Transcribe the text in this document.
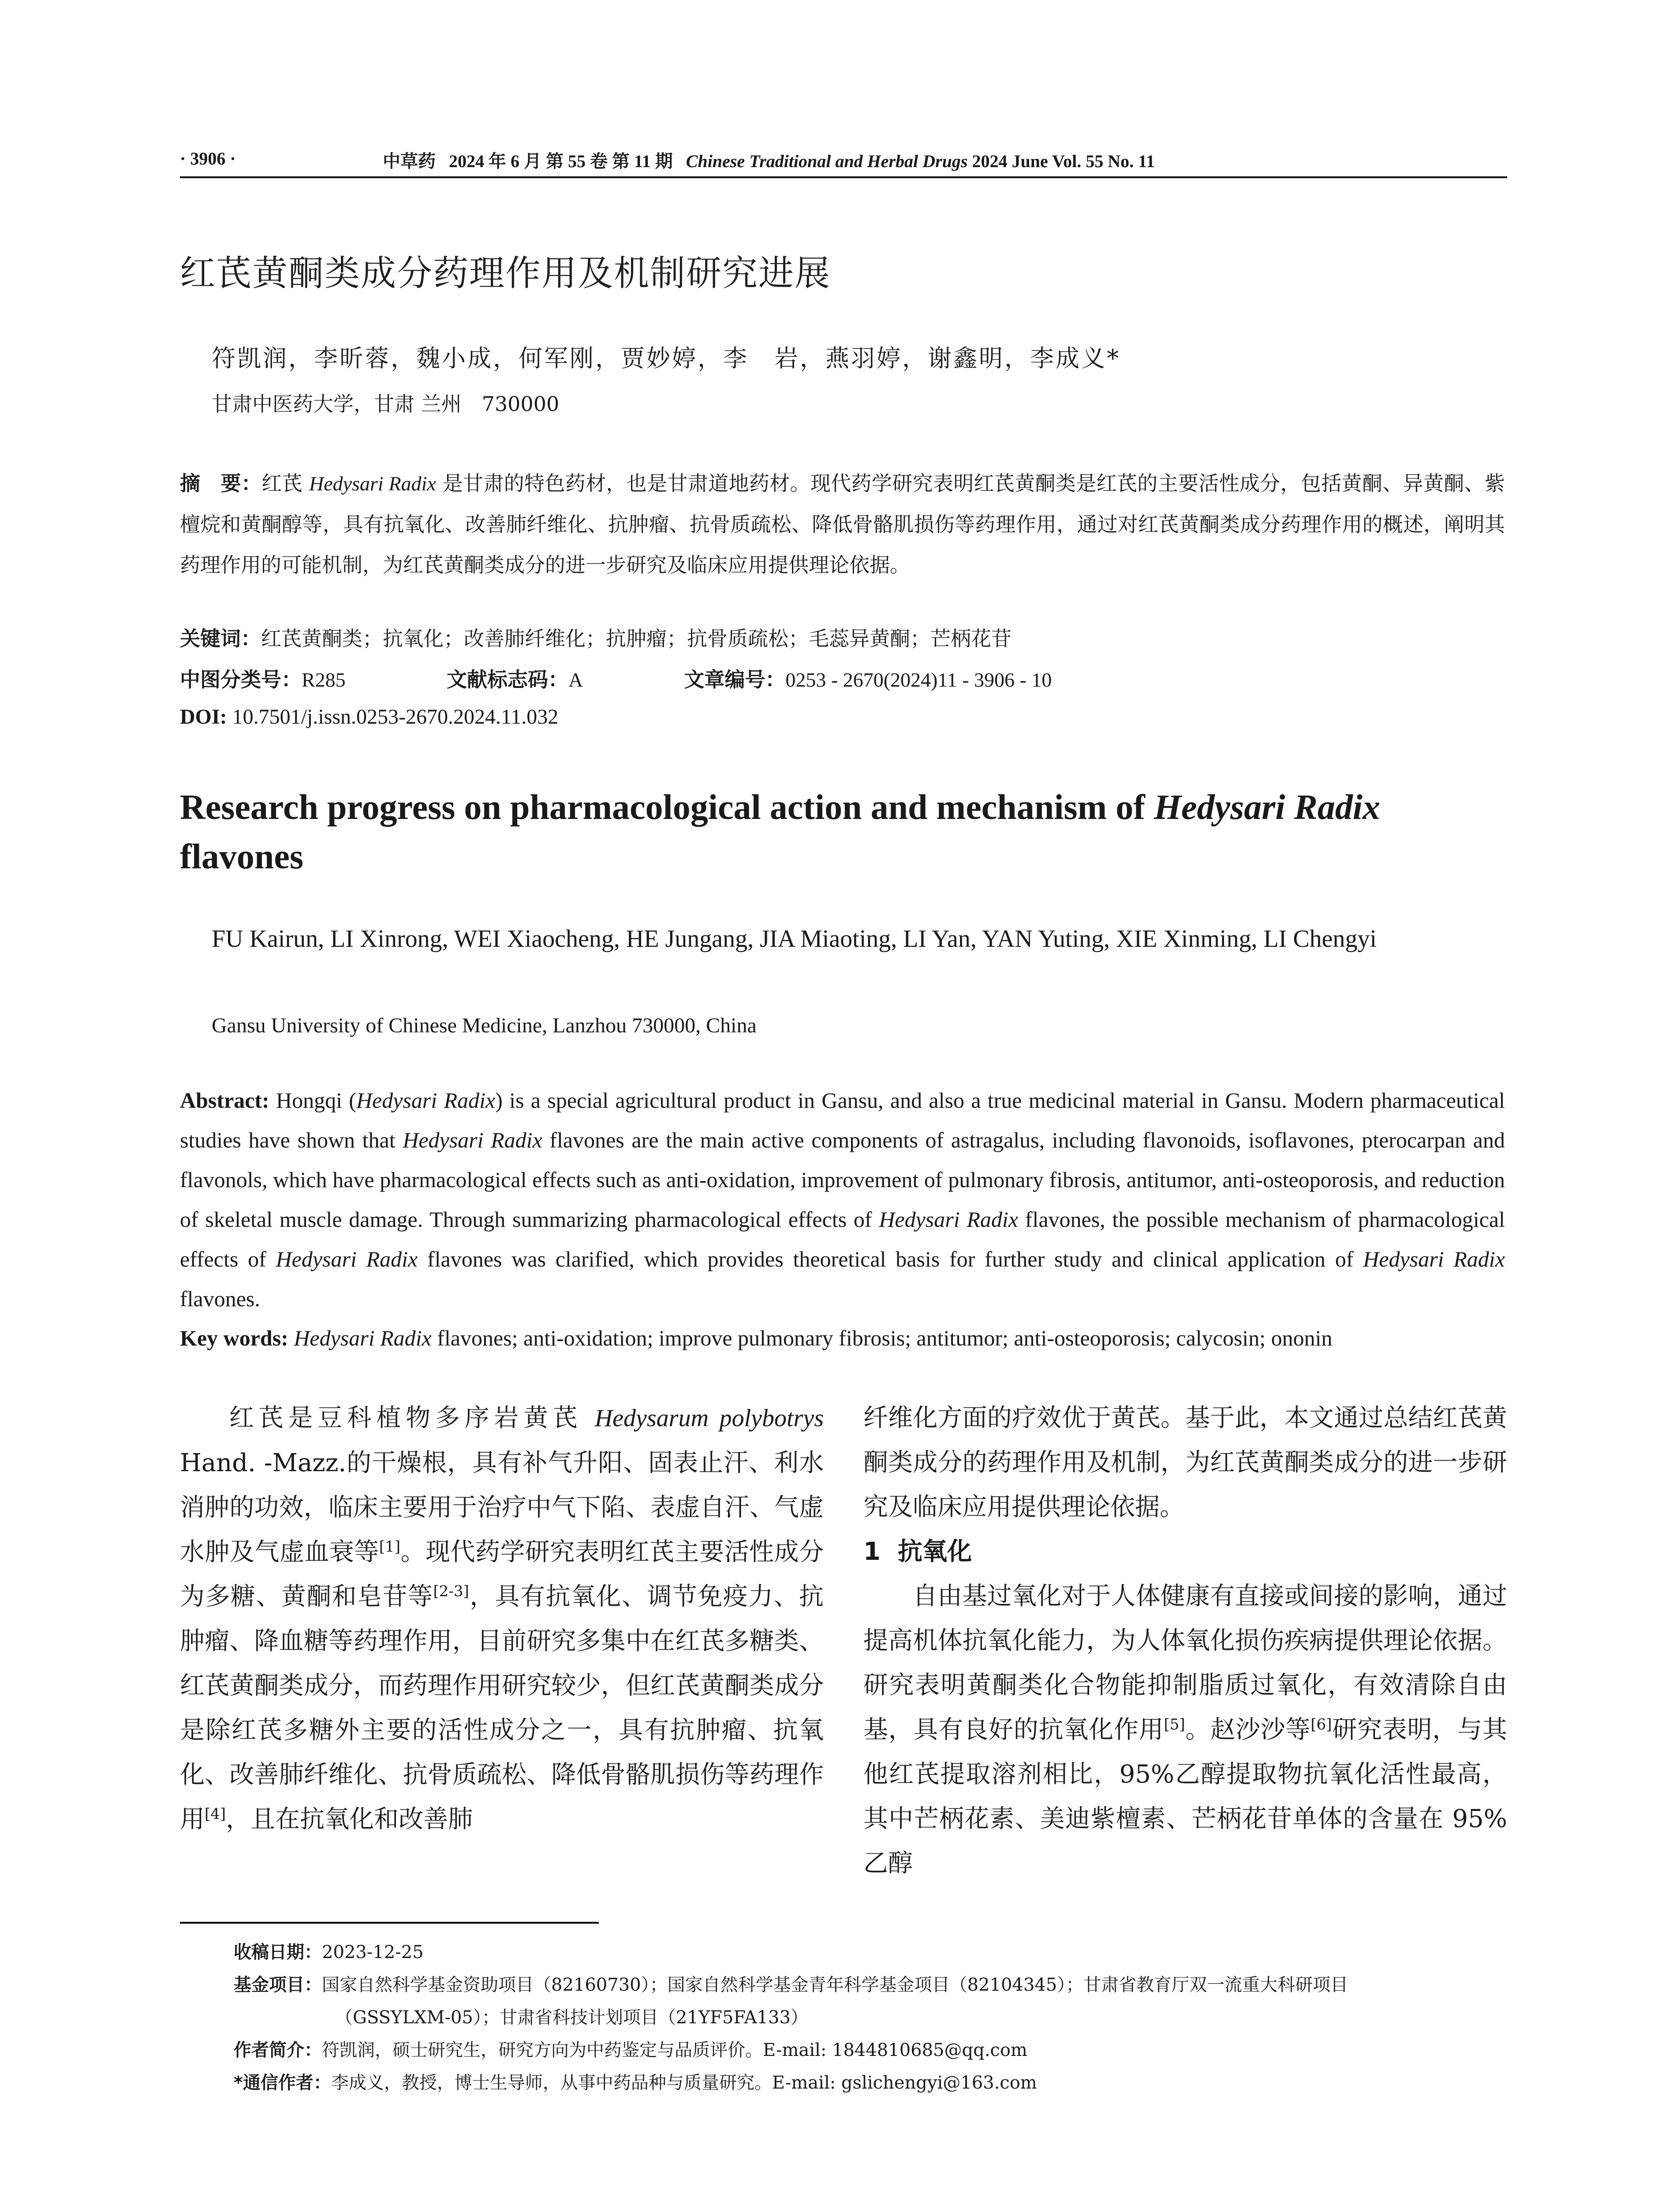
· 3906 ·	中草药 2024 年 6 月 第 55 卷 第 11 期 Chinese Traditional and Herbal Drugs 2024 June Vol. 55 No. 11
红芪黄酮类成分药理作用及机制研究进展
符凯润，李昕蓉，魏小成，何军刚，贾妙婷，李　岩，燕羽婷，谢鑫明，李成义*
甘肃中医药大学，甘肃 兰州　730000
摘　要：红芪 Hedysari Radix 是甘肃的特色药材，也是甘肃道地药材。现代药学研究表明红芪黄酮类是红芪的主要活性成分，包括黄酮、异黄酮、紫檀烷和黄酮醇等，具有抗氧化、改善肺纤维化、抗肿瘤、抗骨质疏松、降低骨骼肌损伤等药理作用，通过对红芪黄酮类成分药理作用的概述，阐明其药理作用的可能机制，为红芪黄酮类成分的进一步研究及临床应用提供理论依据。
关键词：红芪黄酮类；抗氧化；改善肺纤维化；抗肿瘤；抗骨质疏松；毛蕊异黄酮；芒柄花苷
中图分类号：R285	文献标志码：A	文章编号：0253 - 2670(2024)11 - 3906 - 10
DOI: 10.7501/j.issn.0253-2670.2024.11.032
Research progress on pharmacological action and mechanism of Hedysari Radix
flavones
FU Kairun, LI Xinrong, WEI Xiaocheng, HE Jungang, JIA Miaoting, LI Yan, YAN Yuting, XIE Xinming, LI Chengyi
Gansu University of Chinese Medicine, Lanzhou 730000, China
Abstract: Hongqi (Hedysari Radix) is a special agricultural product in Gansu, and also a true medicinal material in Gansu. Modern pharmaceutical studies have shown that Hedysari Radix flavones are the main active components of astragalus, including flavonoids, isoflavones, pterocarpan and flavonols, which have pharmacological effects such as anti-oxidation, improvement of pulmonary fibrosis, antitumor, anti-osteoporosis, and reduction of skeletal muscle damage. Through summarizing pharmacological effects of Hedysari Radix flavones, the possible mechanism of pharmacological effects of Hedysari Radix flavones was clarified, which provides theoretical basis for further study and clinical application of Hedysari Radix flavones.
Key words: Hedysari Radix flavones; anti-oxidation; improve pulmonary fibrosis; antitumor; anti-osteoporosis; calycosin; ononin

红芪是豆科植物多序岩黄芪 Hedysarum polybotrys Hand. -Mazz.的干燥根，具有补气升阳、固表止汗、利水消肿的功效，临床主要用于治疗中气下陷、表虚自汗、气虚水肿及气虚血衰等[1]。现代药学研究表明红芪主要活性成分为多糖、黄酮和皂苷等[2-3]，具有抗氧化、调节免疫力、抗肿瘤、降血糖等药理作用，目前研究多集中在红芪多糖类、红芪黄酮类成分，而药理作用研究较少，但红芪黄酮类成分是除红芪多糖外主要的活性成分之一，具有抗肿瘤、抗氧化、改善肺纤维化、抗骨质疏松、降低骨骼肌损伤等药理作用[4]，且在抗氧化和改善肺

纤维化方面的疗效优于黄芪。基于此，本文通过总结红芪黄酮类成分的药理作用及机制，为红芪黄酮类成分的进一步研究及临床应用提供理论依据。

1 抗氧化

自由基过氧化对于人体健康有直接或间接的影响，通过提高机体抗氧化能力，为人体氧化损伤疾病提供理论依据。研究表明黄酮类化合物能抑制脂质过氧化，有效清除自由基，具有良好的抗氧化作用[5]。赵沙沙等[6]研究表明，与其他红芪提取溶剂相比，95%乙醇提取物抗氧化活性最高，其中芒柄花素、美迪紫檀素、芒柄花苷单体的含量在 95%乙醇

收稿日期：2023-12-25

基金项目：国家自然科学基金资助项目（82160730）；国家自然科学基金青年科学基金项目（82104345）；甘肃省教育厅双一流重大科研项目

（GSSYLXM-05）；甘肃省科技计划项目（21YF5FA133）

作者简介：符凯润，硕士研究生，研究方向为中药鉴定与品质评价。E-mail: 1844810685@qq.com

*通信作者：李成义，教授，博士生导师，从事中药品种与质量研究。E-mail: gslichengyi@163.com
